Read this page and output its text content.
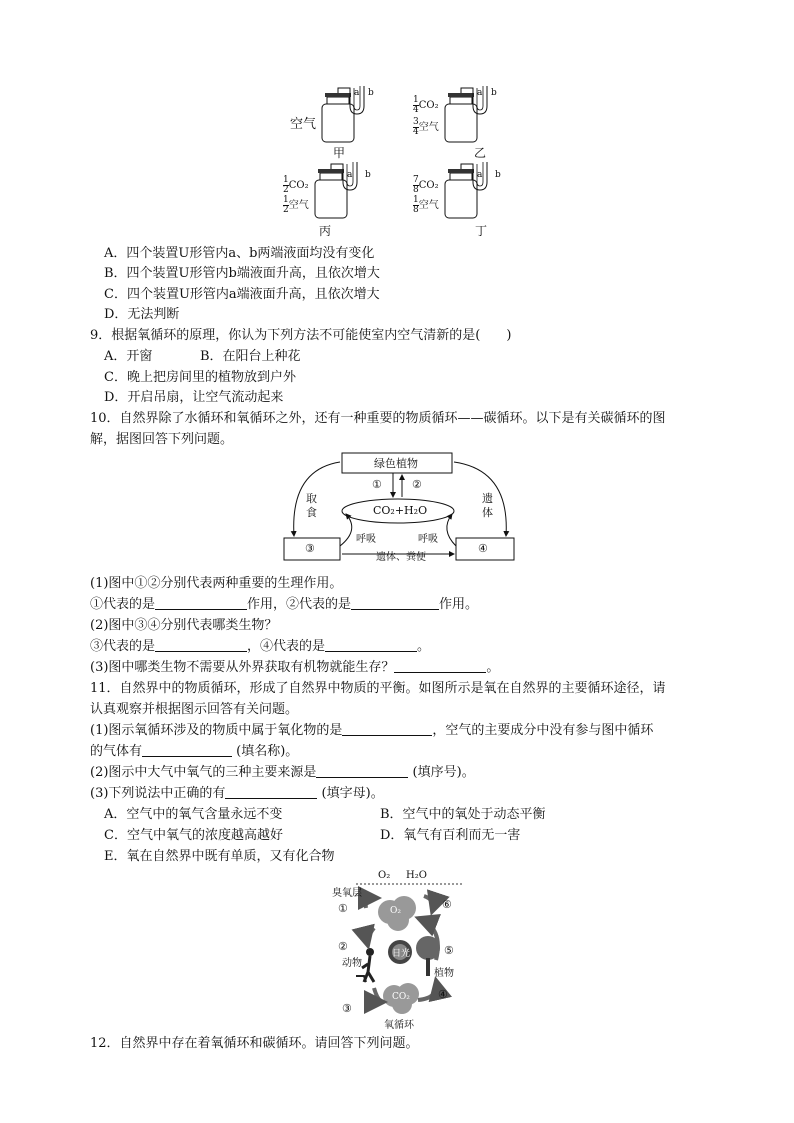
a b
空气
甲
a b
$\frac{1}{4} CO_2$
$\frac{3}{4}$ 空气
乙
a b
$\frac{1}{2} CO_2$
$\frac{1}{2}$ 空气
丙
a b
$\frac{7}{8} CO_2$
$\frac{1}{8}$ 空气
丁
A．四个装置U形管内a、b两端液面均没有变化
B．四个装置U形管内b端液面升高，且依次增大
C．四个装置U形管内a端液面升高，且依次增大
D．无法判断
9．根据氧循环的原理，你认为下列方法不可能使室内空气清新的是(　　)
A．开窗	B．在阳台上种花
C．晚上把房间里的植物放到户外
D．开启吊扇，让空气流动起来
10．自然界除了水循环和氧循环之外，还有一种重要的物质循环——碳循环。以下是有关碳循环的图
解，据图回答下列问题。
绿色植物
①	②
CO₂+H₂O
取
食
遗
体
③	④
呼吸	呼吸
遗体、粪便
(1)图中①②分别代表两种重要的生理作用。
①代表的是	作用，②代表的是	作用。
(2)图中③④分别代表哪类生物？
③代表的是	，④代表的是	。
(3)图中哪类生物不需要从外界获取有机物就能生存？	。
11．自然界中的物质循环，形成了自然界中物质的平衡。如图所示是氧在自然界的主要循环途径，请
认真观察并根据图示回答有关问题。
(1)图示氧循环涉及的物质中属于氧化物的是	，空气的主要成分中没有参与图中循环
的气体有	(填名称)。
(2)图示中大气中氧气的三种主要来源是	(填序号)。
(3)下列说法中正确的有	(填字母)。
A．空气中的氧气含量永远不变	B．空气中的氧处于动态平衡
C．空气中氧气的浓度越高越好	D．氧气有百利而无一害
E．氧在自然界中既有单质，又有化合物
O₂ H₂O
臭氧层
O₂
CO₂
动物
植物
日光
氧循环
①
②
③
④
⑤
⑥
12．自然界中存在着氧循环和碳循环。请回答下列问题。
